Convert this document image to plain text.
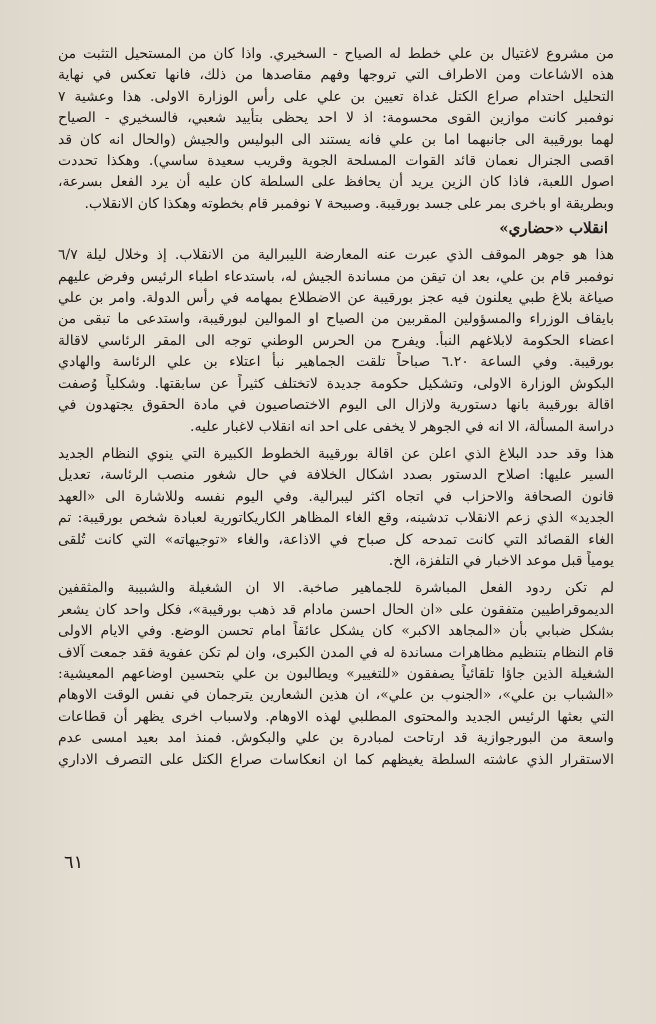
من مشروع لاغتيال بن علي خطط له الصياح - السخيري. واذا كان من المستحيل التثبت من
هذه الاشاعات ومن الاطراف التي تروجها وفهم مقاصدها من ذلك، فانها تعكس في نهاية
التحليل احتدام صراع الكتل غداة تعيين بن علي على رأس الوزارة الاولى. هذا وعشية ٧
نوفمبر كانت موازين القوى محسومة: اذ لا احد يحظى بتأييد شعبي، فالسخيري - الصياح
لهما بورقيبة الى جانبهما اما بن علي فانه يستند الى البوليس والجيش (والحال انه كان قد
اقصى الجنرال نعمان قائد القوات المسلحة الجوية وقريب سعيدة ساسي). وهكذا تحددت
اصول اللعبة، فاذا كان الزين يريد أن يحافظ على السلطة كان عليه أن يرد الفعل بسرعة،
وبطريقة او باخرى بمر على جسد بورقيبة. وصبيحة ٧ نوفمبر قام بخطوته وهكذا كان الانقلاب.
انقلاب «حضاري»
هذا هو جوهر الموقف الذي عبرت عنه المعارضة الليبرالية من الانقلاب. إذ وخلال ليلة ٦/٧
نوفمبر قام بن علي، بعد ان تيقن من مساندة الجيش له، باستدعاء اطباء الرئيس وفرض عليهم
صياغة بلاغ طبي يعلنون فيه عجز بورقيبة عن الاضطلاع بمهامه في رأس الدولة. وامر بن علي
بايقاف الوزراء والمسؤولين المقربين من الصياح او الموالين لبورقيبة، واستدعى ما تبقى من
اعضاء الحكومة لابلاغهم النبأ. ويفرح من الحرس الوطني توجه الى المقر الرئاسي لاقالة
بورقيبة. وفي الساعة ٦.٢٠ صباحاً تلقت الجماهير نبأ اعتلاء بن علي الرئاسة والهادي
البكوش الوزارة الاولى، وتشكيل حكومة جديدة لاتختلف كثيراً عن سابقتها. وشكلياً وُصفت
اقالة بورقيبة بانها دستورية ولازال الى اليوم الاختصاصيون في مادة الحقوق يجتهدون في
دراسة المسألة، الا انه في الجوهر لا يخفى على احد انه انقلاب لاغبار عليه.
هذا وقد حدد البلاغ الذي اعلن عن اقالة بورقيبة الخطوط الكبيرة التي ينوي النظام الجديد
السير عليها: اصلاح الدستور بصدد اشكال الخلافة في حال شغور منصب الرئاسة، تعديل
قانون الصحافة والاحزاب في اتجاه اكثر ليبرالية. وفي اليوم نفسه وللاشارة الى «العهد
الجديد» الذي زعم الانقلاب تدشينه، وقع الغاء المظاهر الكاريكاتورية لعبادة شخص بورقيبة: تم
الغاء القصائد التي كانت تمدحه كل صباح في الاذاعة، والغاء «توجيهاته» التي كانت تُلقى
يومياً قبل موعد الاخبار في التلفزة، الخ.
لم تكن ردود الفعل المباشرة للجماهير صاخبة. الا ان الشغيلة والشبيبة والمثقفين
الديموقراطيين متفقون على «ان الحال احسن مادام قد ذهب بورقيبة»، فكل واحد كان يشعر
بشكل ضبابي بأن «المجاهد الاكبر» كان يشكل عائقاً امام تحسن الوضع. وفي الايام الاولى
قام النظام بتنظيم مظاهرات مساندة له في المدن الكبرى، وان لم تكن عفوية فقد جمعت آلاف
الشغيلة الذين جاؤا تلقائياً يصفقون «للتغيير» ويطالبون بن علي بتحسين اوضاعهم المعيشية:
«الشباب بن علي»، «الجنوب بن علي»، ان هذين الشعارين يترجمان في نفس الوقت الاوهام
التي بعثها الرئيس الجديد والمحتوى المطلبي لهذه الاوهام. ولاسباب اخرى يظهر أن قطاعات
واسعة من البورجوازية قد ارتاحت لمبادرة بن علي والبكوش. فمنذ امد بعيد امسى عدم
الاستقرار الذي عاشته السلطة يغيظهم كما ان انعكاسات صراع الكتل على التصرف الاداري
٦١
